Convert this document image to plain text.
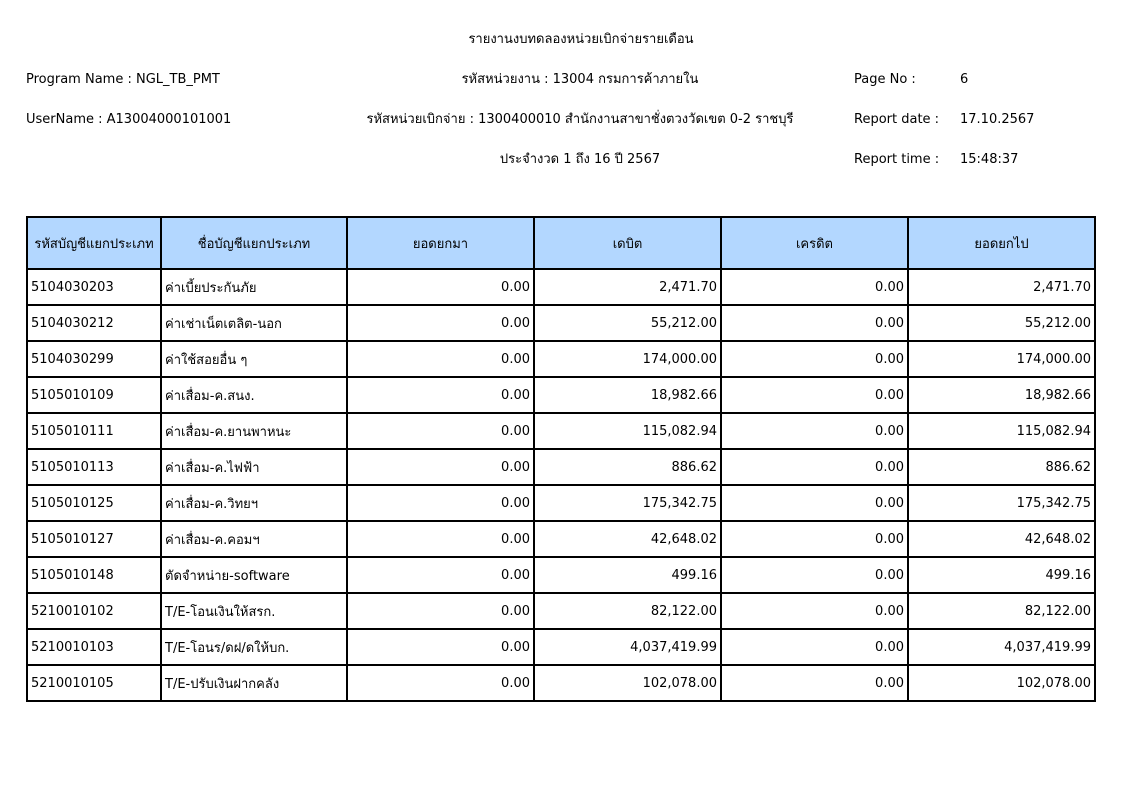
รายงานงบทดลองหน่วยเบิกจ่ายรายเดือน
Program Name : NGL_TB_PMT	รหัสหน่วยงาน : 13004 กรมการค้าภายใน	Page No :	6
UserName : A13004000101001	รหัสหน่วยเบิกจ่าย : 1300400010 สำนักงานสาขาชั่งตวงวัดเขต 0-2 ราชบุรี	Report date : 17.10.2567
ประจำงวด 1 ถึง 16 ปี 2567	Report time : 15:48:37
รหัสบัญชีแยกประเภท	ชื่อบัญชีแยกประเภท	ยอดยกมา	เดบิต	เครดิต	ยอดยกไป
5104030203	ค่าเบี้ยประกันภัย	0.00	2,471.70	0.00	2,471.70
5104030212	ค่าเช่าเน็ตเตลิต-นอก	0.00	55,212.00	0.00	55,212.00
5104030299	ค่าใช้สอยอื่น ๆ	0.00	174,000.00	0.00	174,000.00
5105010109	ค่าเสื่อม-ค.สนง.	0.00	18,982.66	0.00	18,982.66
5105010111	ค่าเสื่อม-ค.ยานพาหนะ	0.00	115,082.94	0.00	115,082.94
5105010113	ค่าเสื่อม-ค.ไฟฟ้า	0.00	886.62	0.00	886.62
5105010125	ค่าเสื่อม-ค.วิทยฯ	0.00	175,342.75	0.00	175,342.75
5105010127	ค่าเสื่อม-ค.คอมฯ	0.00	42,648.02	0.00	42,648.02
5105010148	ตัดจำหน่าย-software	0.00	499.16	0.00	499.16
5210010102	T/E-โอนเงินให้สรก.	0.00	82,122.00	0.00	82,122.00
5210010103	T/E-โอนร/ดฝ/ดให้บก.	0.00	4,037,419.99	0.00	4,037,419.99
5210010105	T/E-ปรับเงินฝากคลัง	0.00	102,078.00	0.00	102,078.00
